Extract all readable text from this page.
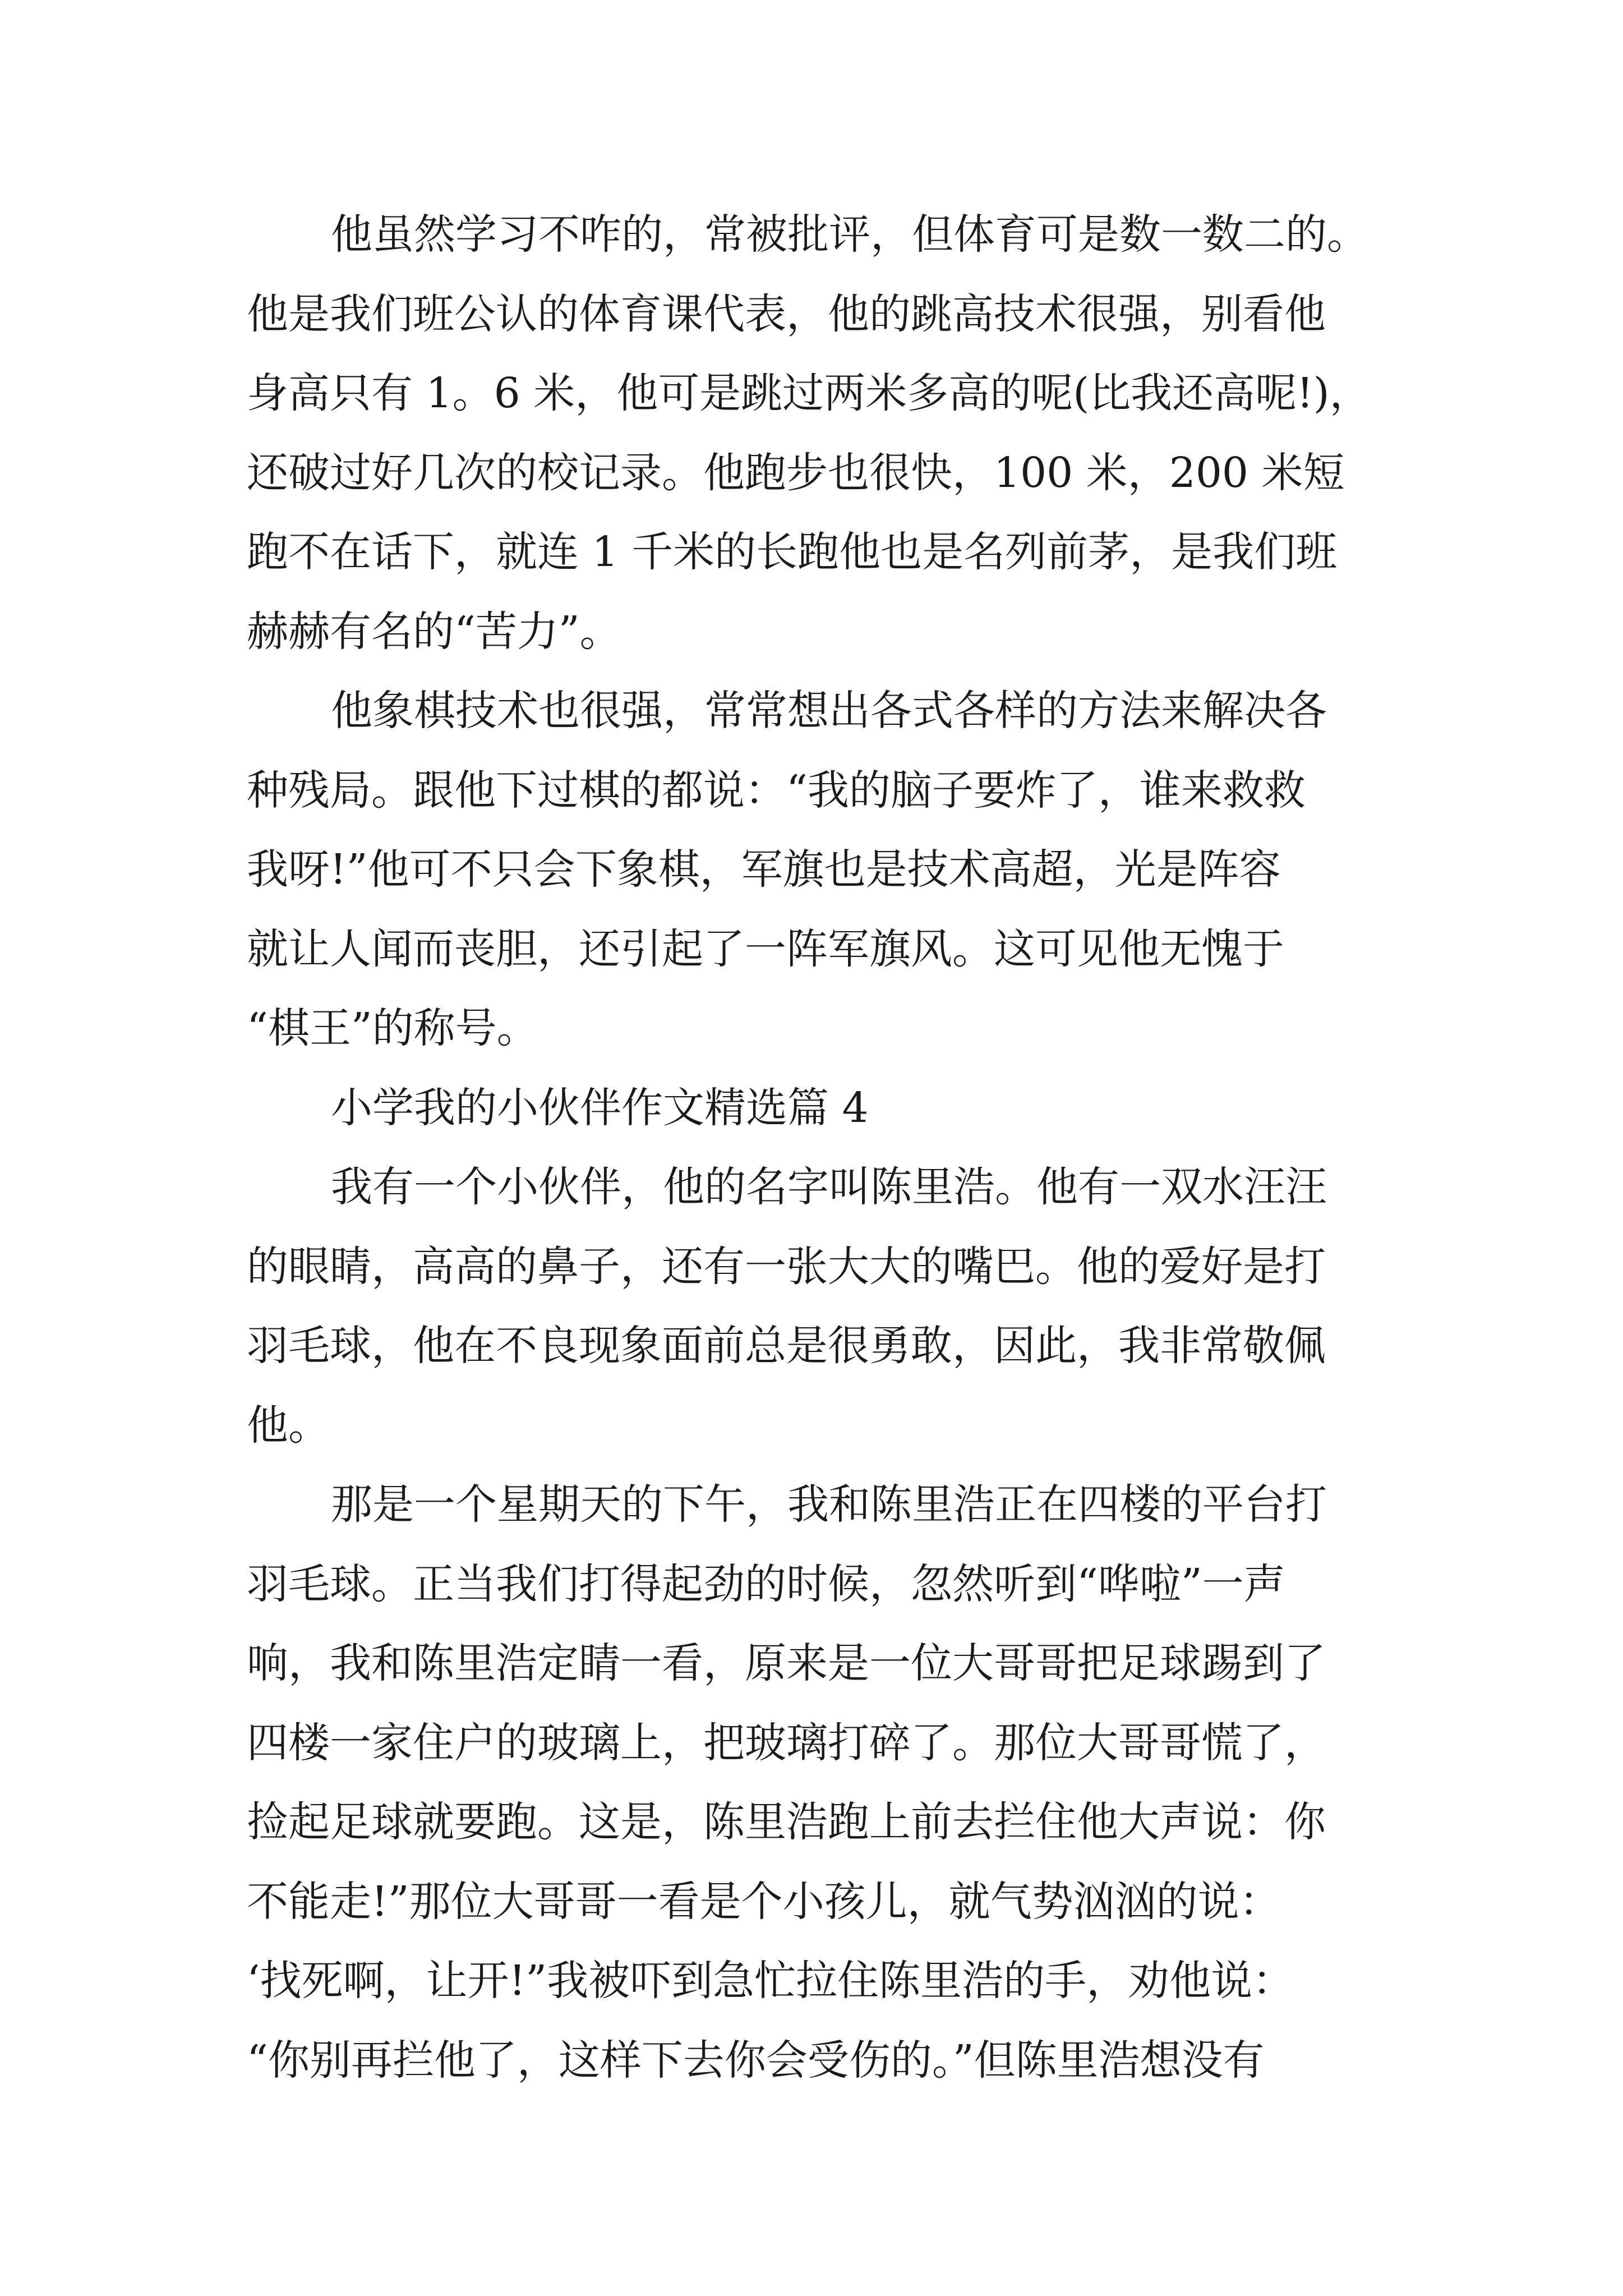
他虽然学习不咋的，常被批评，但体育可是数一数二的。
他是我们班公认的体育课代表，他的跳高技术很强，别看他
身高只有 1。6 米，他可是跳过两米多高的呢(比我还高呢!)，
还破过好几次的校记录。他跑步也很快，100 米，200 米短
跑不在话下，就连 1 千米的长跑他也是名列前茅，是我们班
赫赫有名的“苦力”。
他象棋技术也很强，常常想出各式各样的方法来解决各
种残局。跟他下过棋的都说：“我的脑子要炸了，谁来救救
我呀!”他可不只会下象棋，军旗也是技术高超，光是阵容
就让人闻而丧胆，还引起了一阵军旗风。这可见他无愧于
“棋王”的称号。
小学我的小伙伴作文精选篇 4
我有一个小伙伴，他的名字叫陈里浩。他有一双水汪汪
的眼睛，高高的鼻子，还有一张大大的嘴巴。他的爱好是打
羽毛球，他在不良现象面前总是很勇敢，因此，我非常敬佩
他。
那是一个星期天的下午，我和陈里浩正在四楼的平台打
羽毛球。正当我们打得起劲的时候，忽然听到“哗啦”一声
响，我和陈里浩定睛一看，原来是一位大哥哥把足球踢到了
四楼一家住户的玻璃上，把玻璃打碎了。那位大哥哥慌了，
捡起足球就要跑。这是，陈里浩跑上前去拦住他大声说：你
不能走!”那位大哥哥一看是个小孩儿，就气势汹汹的说：
‘找死啊，让开!”我被吓到急忙拉住陈里浩的手，劝他说：
“你别再拦他了，这样下去你会受伤的。”但陈里浩想没有
